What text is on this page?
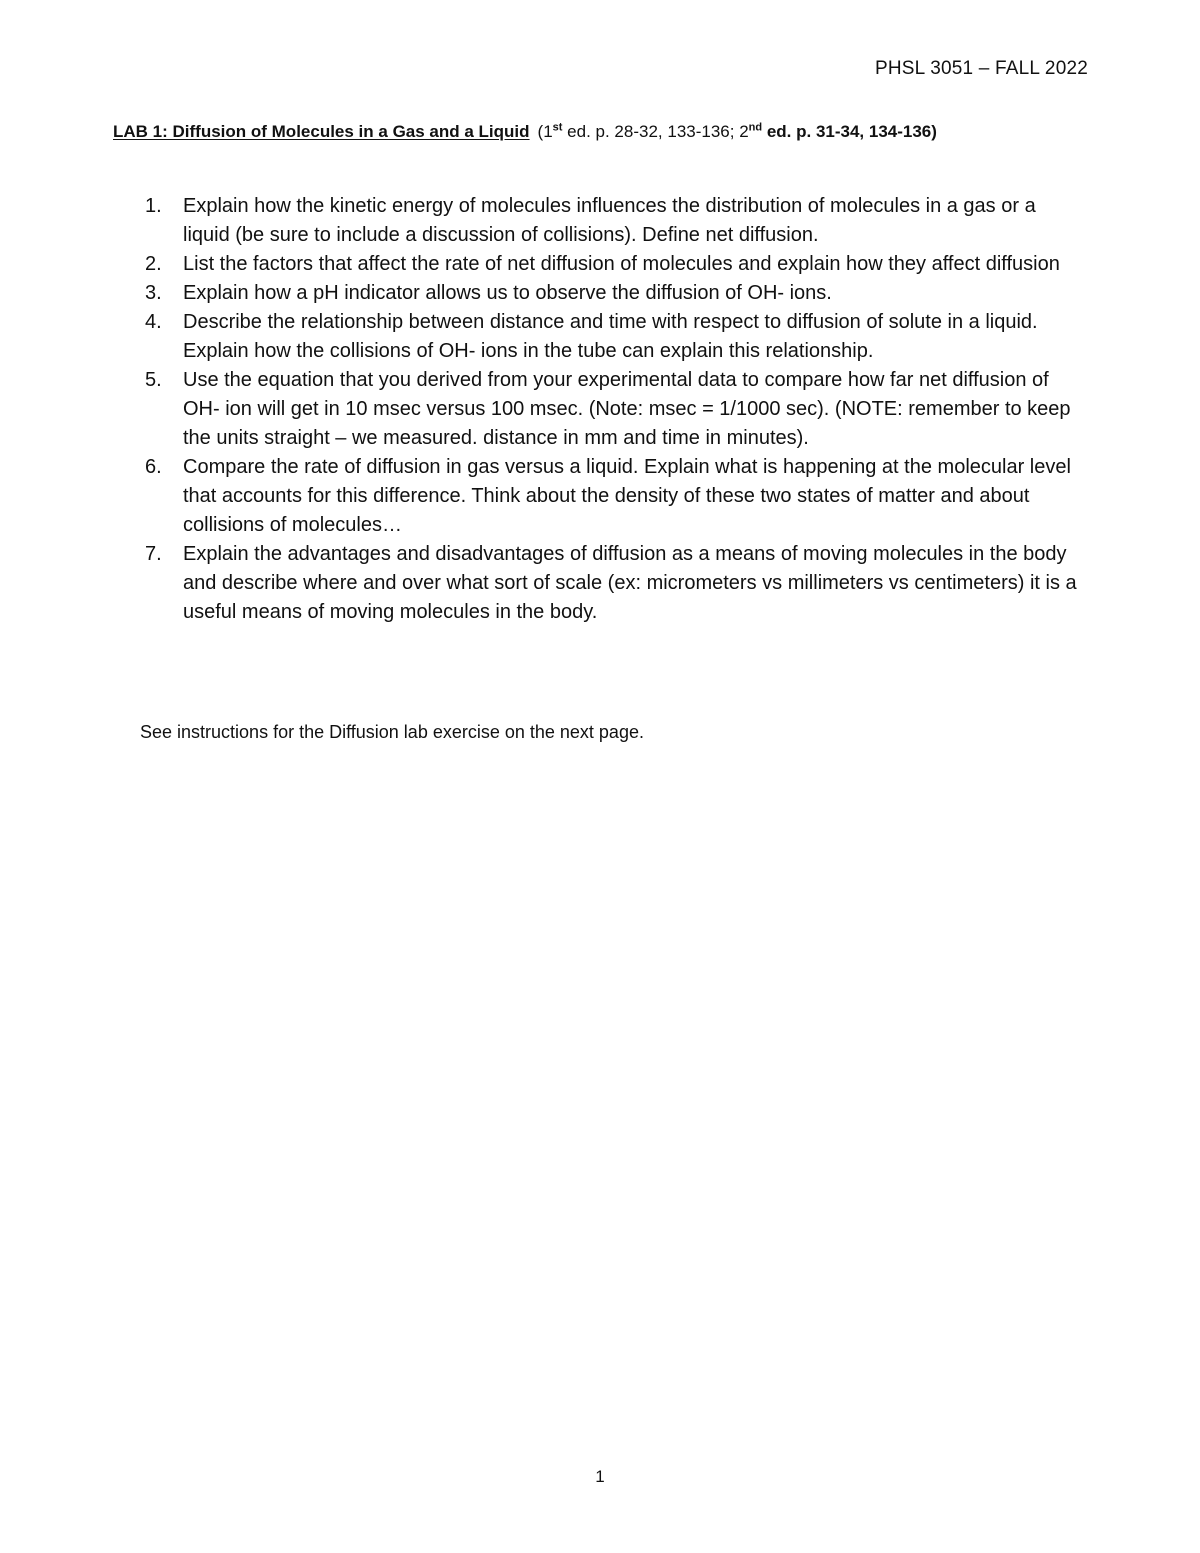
PHSL 3051 – FALL 2022
LAB 1: Diffusion of Molecules in a Gas and a Liquid (1st ed. p. 28-32, 133-136; 2nd ed. p. 31-34, 134-136)
1.	Explain how the kinetic energy of molecules influences the distribution of molecules in a gas or a liquid (be sure to include a discussion of collisions). Define net diffusion.
2.	List the factors that affect the rate of net diffusion of molecules and explain how they affect diffusion
3.	Explain how a pH indicator allows us to observe the diffusion of OH- ions.
4.	Describe the relationship between distance and time with respect to diffusion of solute in a liquid. Explain how the collisions of OH- ions in the tube can explain this relationship.
5.	Use the equation that you derived from your experimental data to compare how far net diffusion of OH- ion will get in 10 msec versus 100 msec. (Note: msec = 1/1000 sec). (NOTE: remember to keep the units straight – we measured. distance in mm and time in minutes).
6.	Compare the rate of diffusion in gas versus a liquid. Explain what is happening at the molecular level that accounts for this difference. Think about the density of these two states of matter and about collisions of molecules…
7.	Explain the advantages and disadvantages of diffusion as a means of moving molecules in the body and describe where and over what sort of scale (ex: micrometers vs millimeters vs centimeters) it is a useful means of moving molecules in the body.
See instructions for the Diffusion lab exercise on the next page.
1
